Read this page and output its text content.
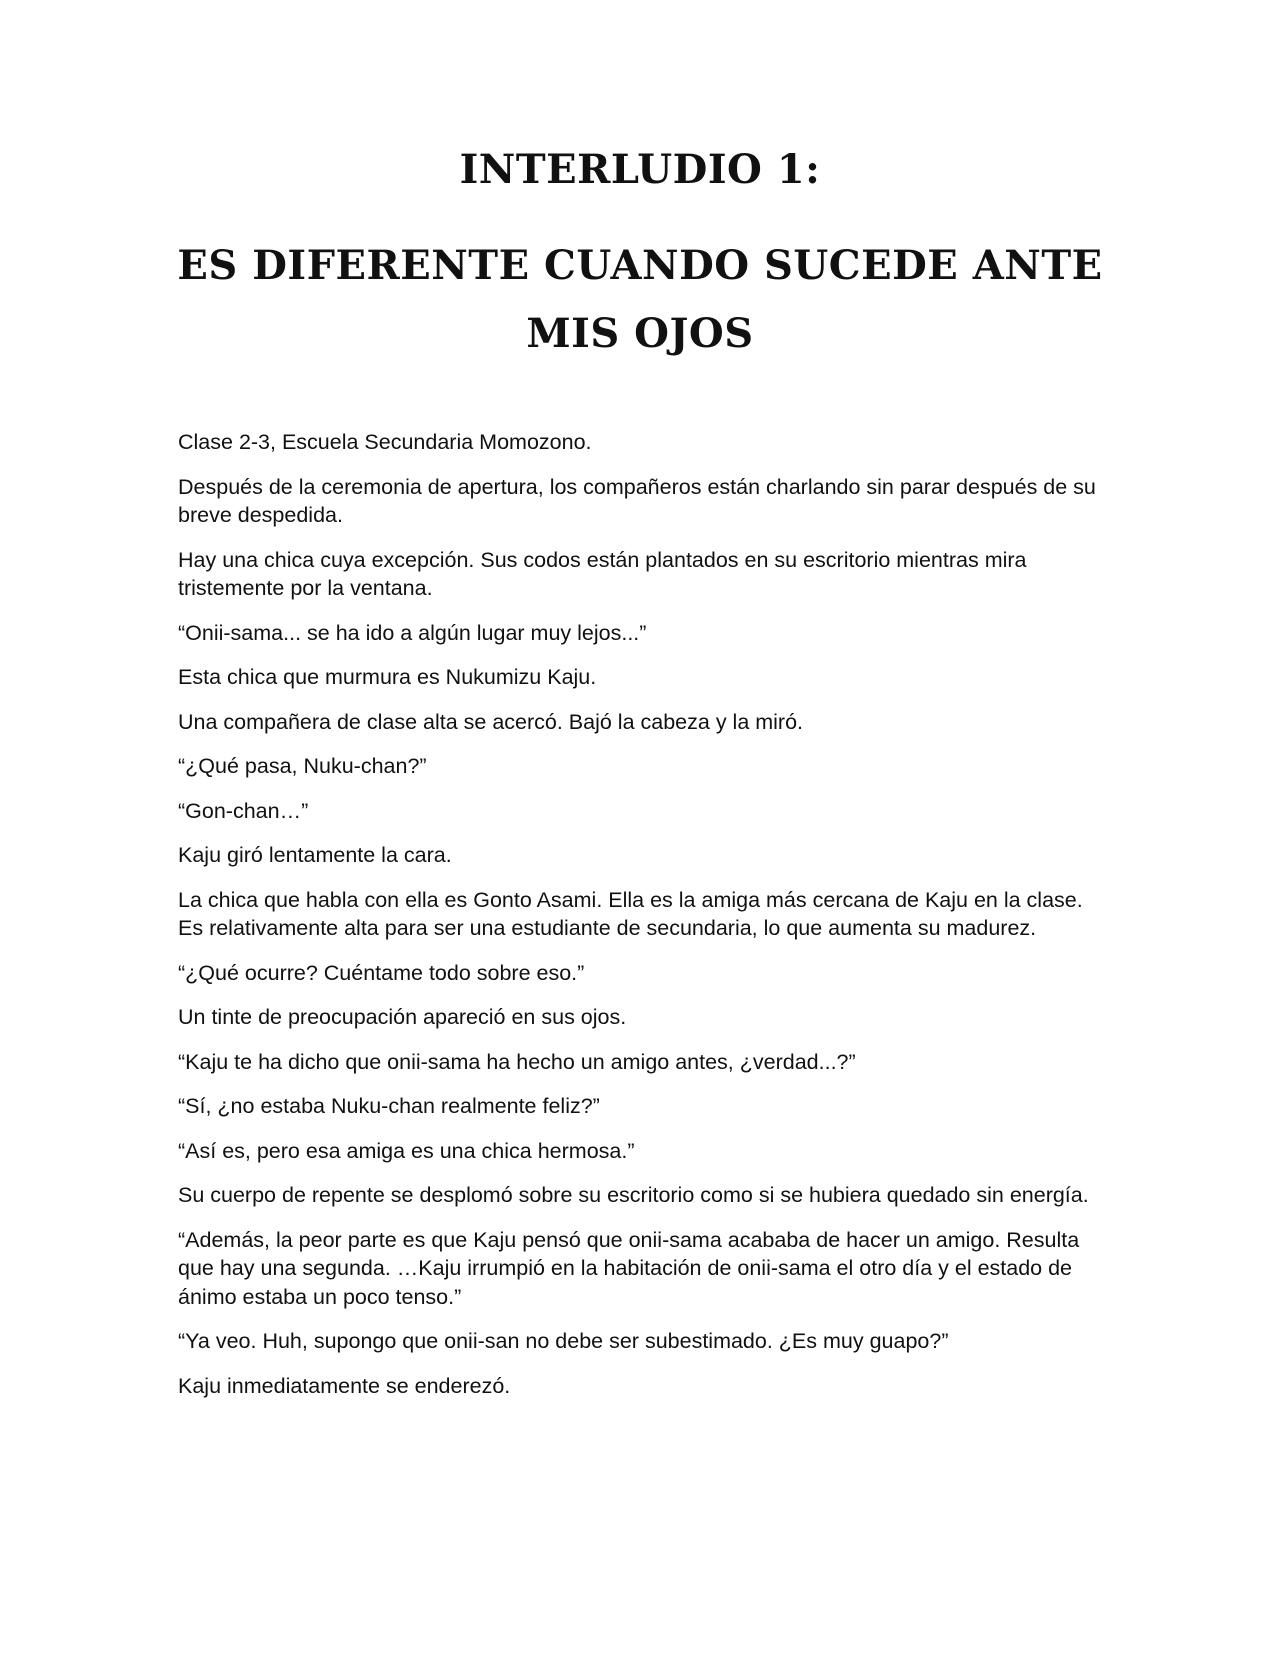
INTERLUDIO 1:
ES DIFERENTE CUANDO SUCEDE ANTE MIS OJOS

Clase 2-3, Escuela Secundaria Momozono.

Después de la ceremonia de apertura, los compañeros están charlando sin parar después de su breve despedida.

Hay una chica cuya excepción. Sus codos están plantados en su escritorio mientras mira tristemente por la ventana.

“Onii-sama... se ha ido a algún lugar muy lejos...”

Esta chica que murmura es Nukumizu Kaju.

Una compañera de clase alta se acercó. Bajó la cabeza y la miró.

“¿Qué pasa, Nuku-chan?”

“Gon-chan…”

Kaju giró lentamente la cara.

La chica que habla con ella es Gonto Asami. Ella es la amiga más cercana de Kaju en la clase. Es relativamente alta para ser una estudiante de secundaria, lo que aumenta su madurez.

“¿Qué ocurre? Cuéntame todo sobre eso.”

Un tinte de preocupación apareció en sus ojos.

“Kaju te ha dicho que onii-sama ha hecho un amigo antes, ¿verdad...?”

“Sí, ¿no estaba Nuku-chan realmente feliz?”

“Así es, pero esa amiga es una chica hermosa.”

Su cuerpo de repente se desplomó sobre su escritorio como si se hubiera quedado sin energía.

“Además, la peor parte es que Kaju pensó que onii-sama acababa de hacer un amigo. Resulta que hay una segunda. …Kaju irrumpió en la habitación de onii-sama el otro día y el estado de ánimo estaba un poco tenso.”

“Ya veo. Huh, supongo que onii-san no debe ser subestimado. ¿Es muy guapo?”

Kaju inmediatamente se enderezó.
